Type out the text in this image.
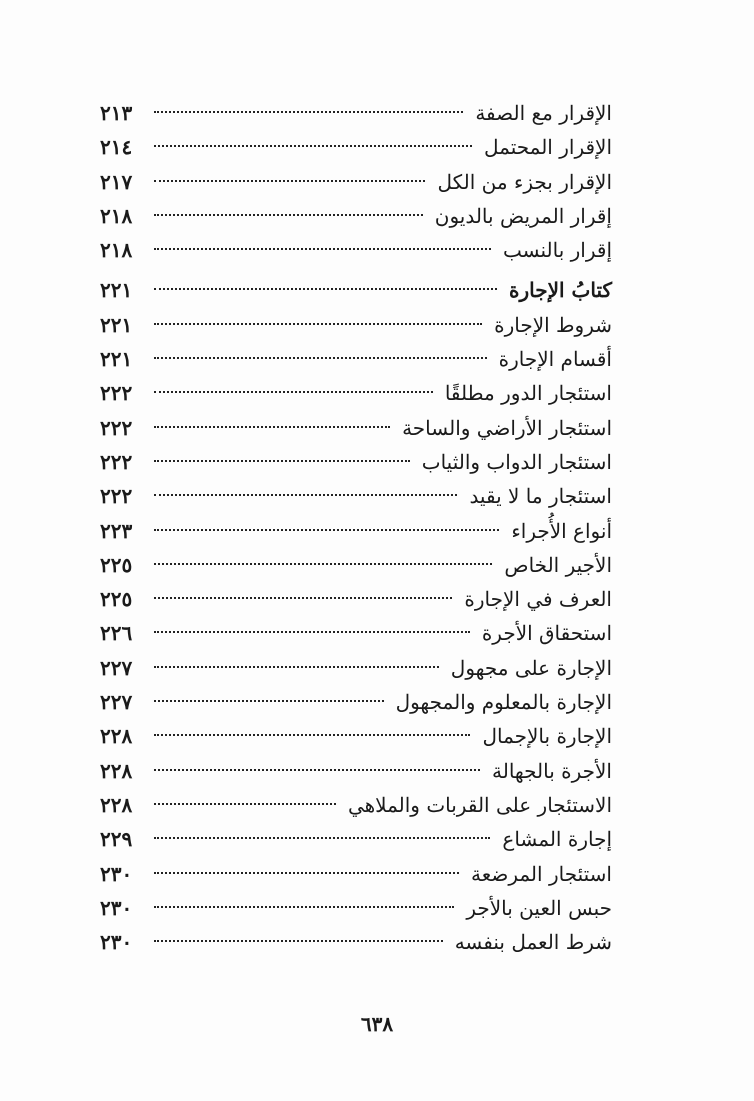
الإقرار مع الصفة
٢١٣
الإقرار المحتمل
٢١٤
الإقرار بجزء من الكل
٢١٧
إقرار المريض بالديون
٢١٨
إقرار بالنسب
٢١٨
كتابُ الإجارة
٢٢١
شروط الإجارة
٢٢١
أقسام الإجارة
٢٢١
استئجار الدور مطلقًا
٢٢٢
استئجار الأراضي والساحة
٢٢٢
استئجار الدواب والثياب
٢٢٢
استئجار ما لا يقيد
٢٢٢
أنواع الأُجراء
٢٢٣
الأجير الخاص
٢٢٥
العرف في الإجارة
٢٢٥
استحقاق الأجرة
٢٢٦
الإجارة على مجهول
٢٢٧
الإجارة بالمعلوم والمجهول
٢٢٧
الإجارة بالإجمال
٢٢٨
الأجرة بالجهالة
٢٢٨
الاستئجار على القربات والملاهي
٢٢٨
إجارة المشاع
٢٢٩
استئجار المرضعة
٢٣٠
حبس العين بالأجر
٢٣٠
شرط العمل بنفسه
٢٣٠
٦٣٨
